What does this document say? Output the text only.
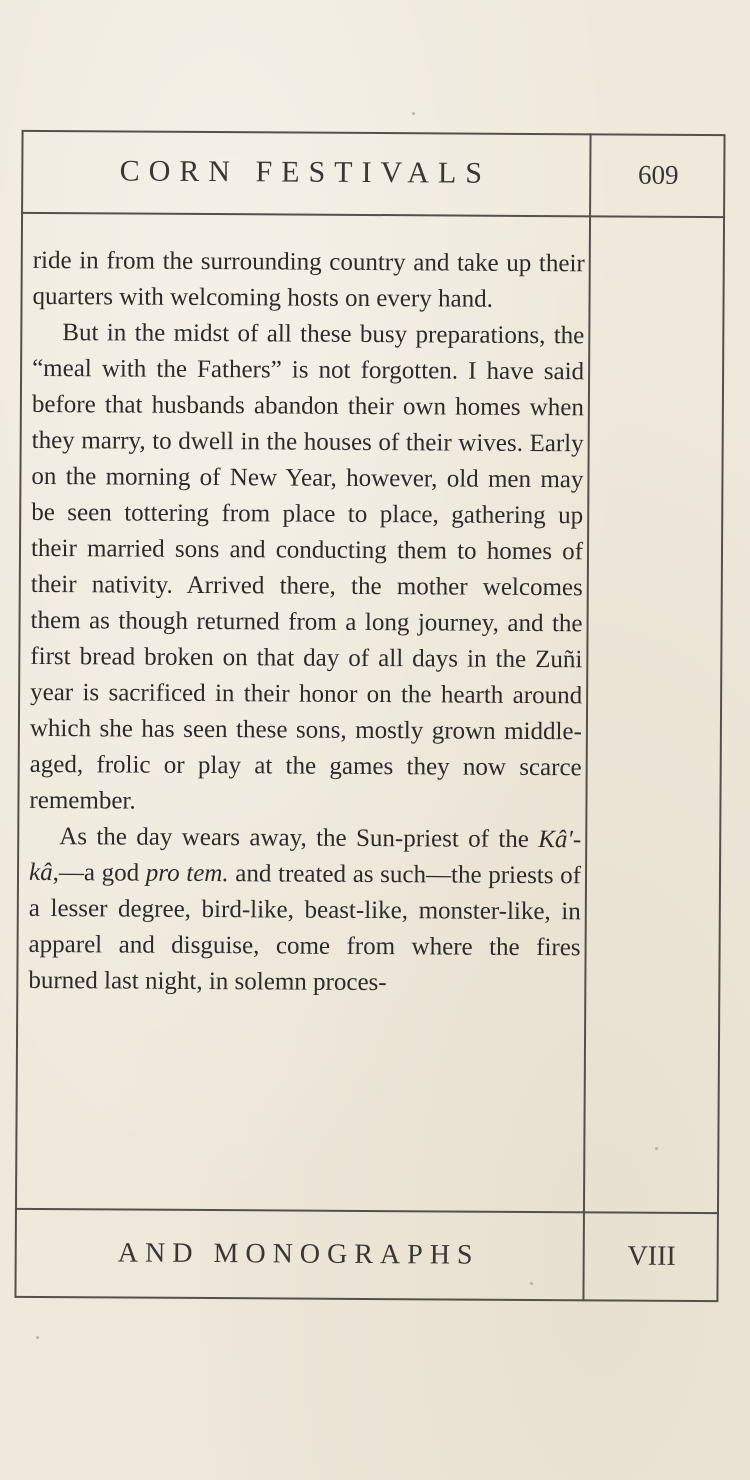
CORN FESTIVALS	609

ride in from the surrounding country and take up their quarters with welcoming hosts on every hand.

But in the midst of all these busy preparations, the “meal with the Fathers” is not forgotten. I have said before that husbands abandon their own homes when they marry, to dwell in the houses of their wives. Early on the morning of New Year, however, old men may be seen tottering from place to place, gathering up their married sons and conducting them to homes of their nativity. Arrived there, the mother welcomes them as though returned from a long journey, and the first bread broken on that day of all days in the Zuñi year is sacrificed in their honor on the hearth around which she has seen these sons, mostly grown middle-aged, frolic or play at the games they now scarce remember.

As the day wears away, the Sun-priest of the Kâ′-kâ,—a god pro tem. and treated as such—the priests of a lesser degree, bird-like, beast-like, monster-like, in apparel and disguise, come from where the fires burned last night, in solemn proces-

AND MONOGRAPHS	VIII
